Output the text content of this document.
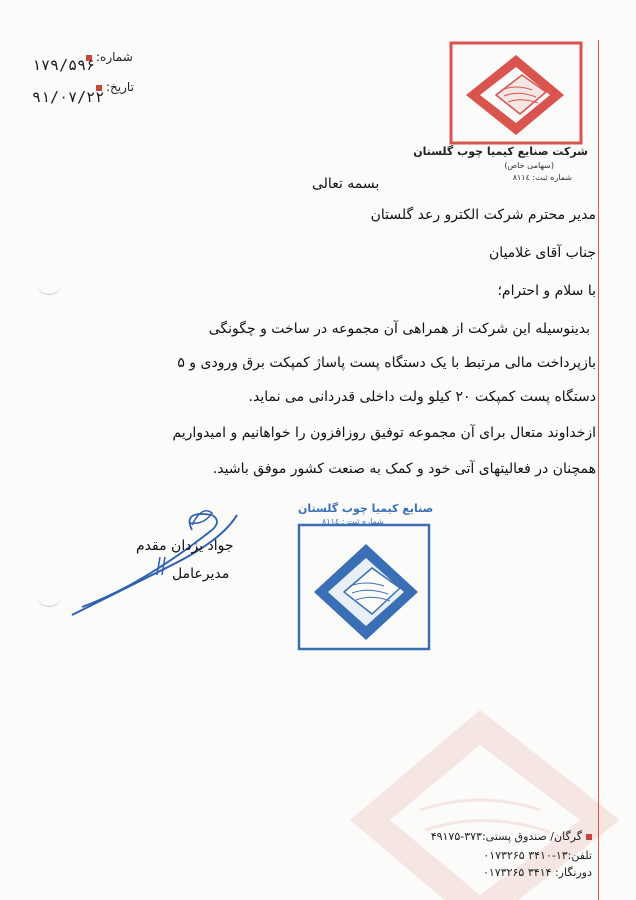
شماره:
۱۷۹/۵۹۶
تاریخ:
۹۱/۰۷/۲۲
شرکت صنایع کیمیا چوب گلستان
(سهامی خاص)
شماره ثبت: ۸۱۱٤
بسمه تعالی
مدیر محترم شرکت الکترو رعد گلستان
جناب آقای غلامیان
با سلام و احترام؛
بدینوسیله این شرکت از همراهی آن مجموعه در ساخت و چگونگی
بازپرداخت مالی مرتبط با یک دستگاه پست پاساژ کمپکت برق ورودی و ۵
دستگاه پست کمپکت ۲۰ کیلو ولت داخلی قدردانی می نماید.
ازخداوند متعال برای آن مجموعه توفیق روزافزون را خواهانیم و امیدواریم
همچنان در فعالیتهای آتی خود و کمک به صنعت کشور موفق باشید.
صنایع کیمیا چوب گلستان
شماره ثبت : ۸۱۱٤
جواد یزدان مقدم
مدیرعامل
گرگان/ صندوق پستی:۳۷۳-۴۹۱۷۵
تلفن:۱۳-۳۴۱۰ ۰۱۷۳۲۶۵
دورنگار: ۳۴۱۴ ۰۱۷۳۲۶۵
